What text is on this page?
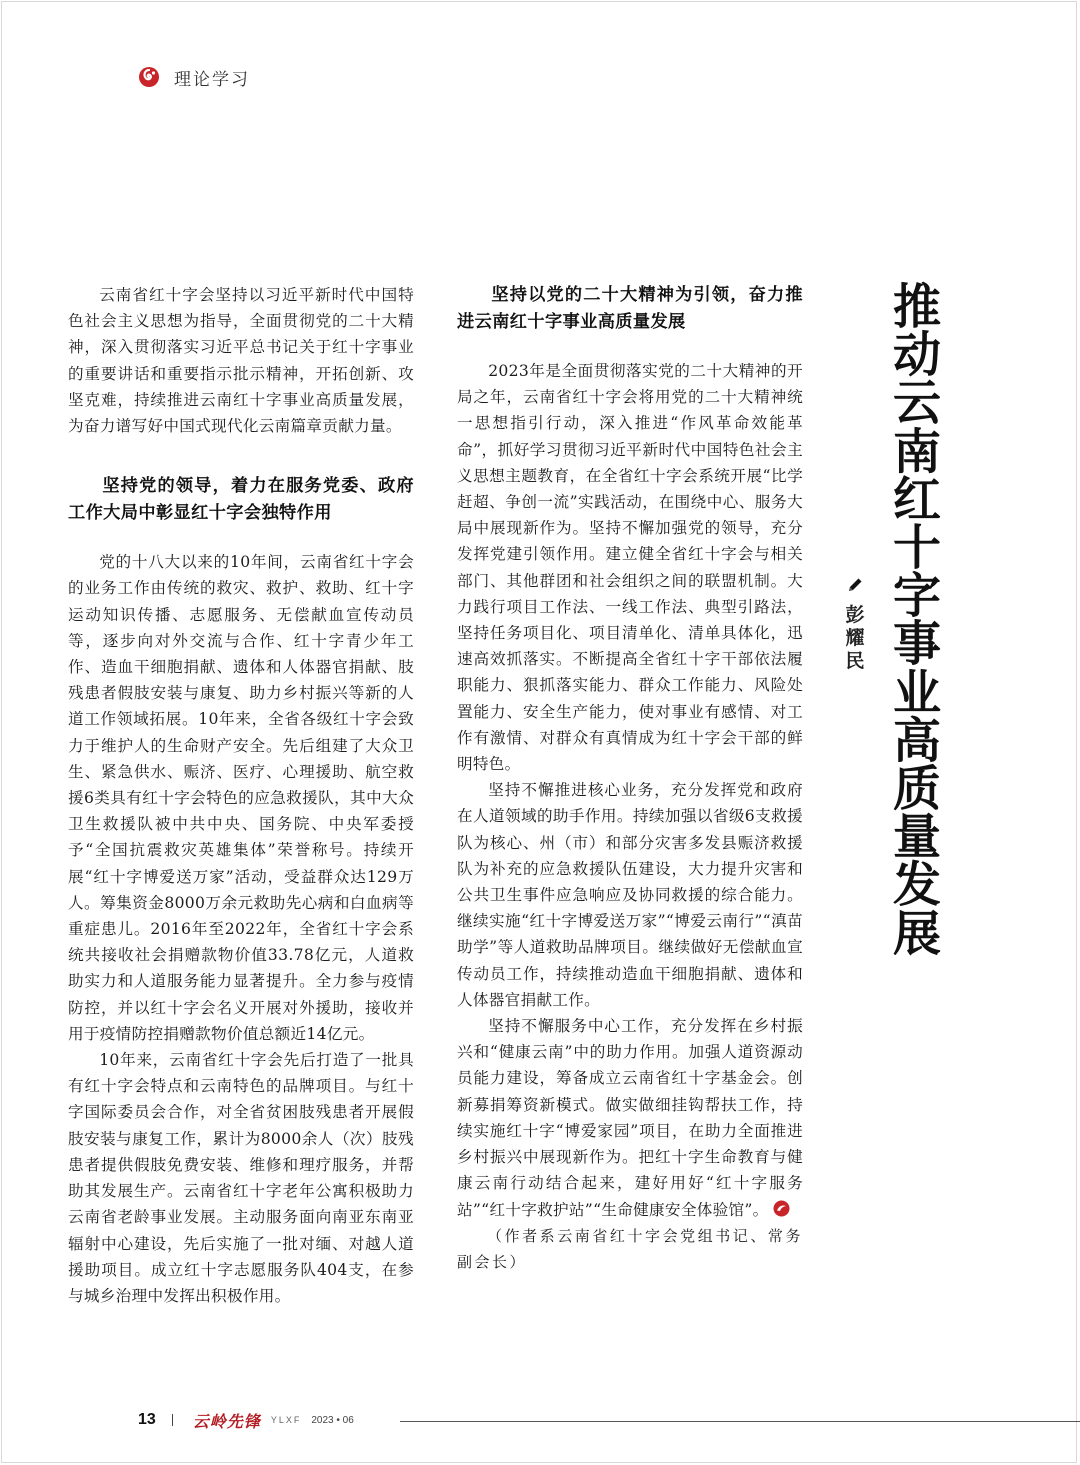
理论学习

云南省红十字会坚持以习近平新时代中国特色社会主义思想为指导，全面贯彻党的二十大精神，深入贯彻落实习近平总书记关于红十字事业的重要讲话和重要指示批示精神，开拓创新、攻坚克难，持续推进云南红十字事业高质量发展，为奋力谱写好中国式现代化云南篇章贡献力量。

坚持党的领导，着力在服务党委、政府工作大局中彰显红十字会独特作用

党的十八大以来的10年间，云南省红十字会的业务工作由传统的救灾、救护、救助、红十字运动知识传播、志愿服务、无偿献血宣传动员等，逐步向对外交流与合作、红十字青少年工作、造血干细胞捐献、遗体和人体器官捐献、肢残患者假肢安装与康复、助力乡村振兴等新的人道工作领域拓展。10年来，全省各级红十字会致力于维护人的生命财产安全。先后组建了大众卫生、紧急供水、赈济、医疗、心理援助、航空救援6类具有红十字会特色的应急救援队，其中大众卫生救援队被中共中央、国务院、中央军委授予“全国抗震救灾英雄集体”荣誉称号。持续开展“红十字博爱送万家”活动，受益群众达129万人。筹集资金8000万余元救助先心病和白血病等重症患儿。2016年至2022年，全省红十字会系统共接收社会捐赠款物价值33.78亿元，人道救助实力和人道服务能力显著提升。全力参与疫情防控，并以红十字会名义开展对外援助，接收并用于疫情防控捐赠款物价值总额近14亿元。

10年来，云南省红十字会先后打造了一批具有红十字会特点和云南特色的品牌项目。与红十字国际委员会合作，对全省贫困肢残患者开展假肢安装与康复工作，累计为8000余人（次）肢残患者提供假肢免费安装、维修和理疗服务，并帮助其发展生产。云南省红十字老年公寓积极助力云南省老龄事业发展。主动服务面向南亚东南亚辐射中心建设，先后实施了一批对缅、对越人道援助项目。成立红十字志愿服务队404支，在参与城乡治理中发挥出积极作用。

坚持以党的二十大精神为引领，奋力推进云南红十字事业高质量发展

2023年是全面贯彻落实党的二十大精神的开局之年，云南省红十字会将用党的二十大精神统一思想指引行动，深入推进“作风革命效能革命”，抓好学习贯彻习近平新时代中国特色社会主义思想主题教育，在全省红十字会系统开展“比学赶超、争创一流”实践活动，在围绕中心、服务大局中展现新作为。坚持不懈加强党的领导，充分发挥党建引领作用。建立健全省红十字会与相关部门、其他群团和社会组织之间的联盟机制。大力践行项目工作法、一线工作法、典型引路法，坚持任务项目化、项目清单化、清单具体化，迅速高效抓落实。不断提高全省红十字干部依法履职能力、狠抓落实能力、群众工作能力、风险处置能力、安全生产能力，使对事业有感情、对工作有激情、对群众有真情成为红十字会干部的鲜明特色。

坚持不懈推进核心业务，充分发挥党和政府在人道领域的助手作用。持续加强以省级6支救援队为核心、州（市）和部分灾害多发县赈济救援队为补充的应急救援队伍建设，大力提升灾害和公共卫生事件应急响应及协同救援的综合能力。继续实施“红十字博爱送万家”“博爱云南行”“滇苗助学”等人道救助品牌项目。继续做好无偿献血宣传动员工作，持续推动造血干细胞捐献、遗体和人体器官捐献工作。

坚持不懈服务中心工作，充分发挥在乡村振兴和“健康云南”中的助力作用。加强人道资源动员能力建设，筹备成立云南省红十字基金会。创新募捐筹资新模式。做实做细挂钩帮扶工作，持续实施红十字“博爱家园”项目，在助力全面推进乡村振兴中展现新作为。把红十字生命教育与健康云南行动结合起来，建好用好“红十字服务站”“红十字救护站”“生命健康安全体验馆”。

（作者系云南省红十字会党组书记、常务副会长）

推动云南红十字事业高质量发展
彭耀民
13 云岭先锋 YLXF 2023 • 06
